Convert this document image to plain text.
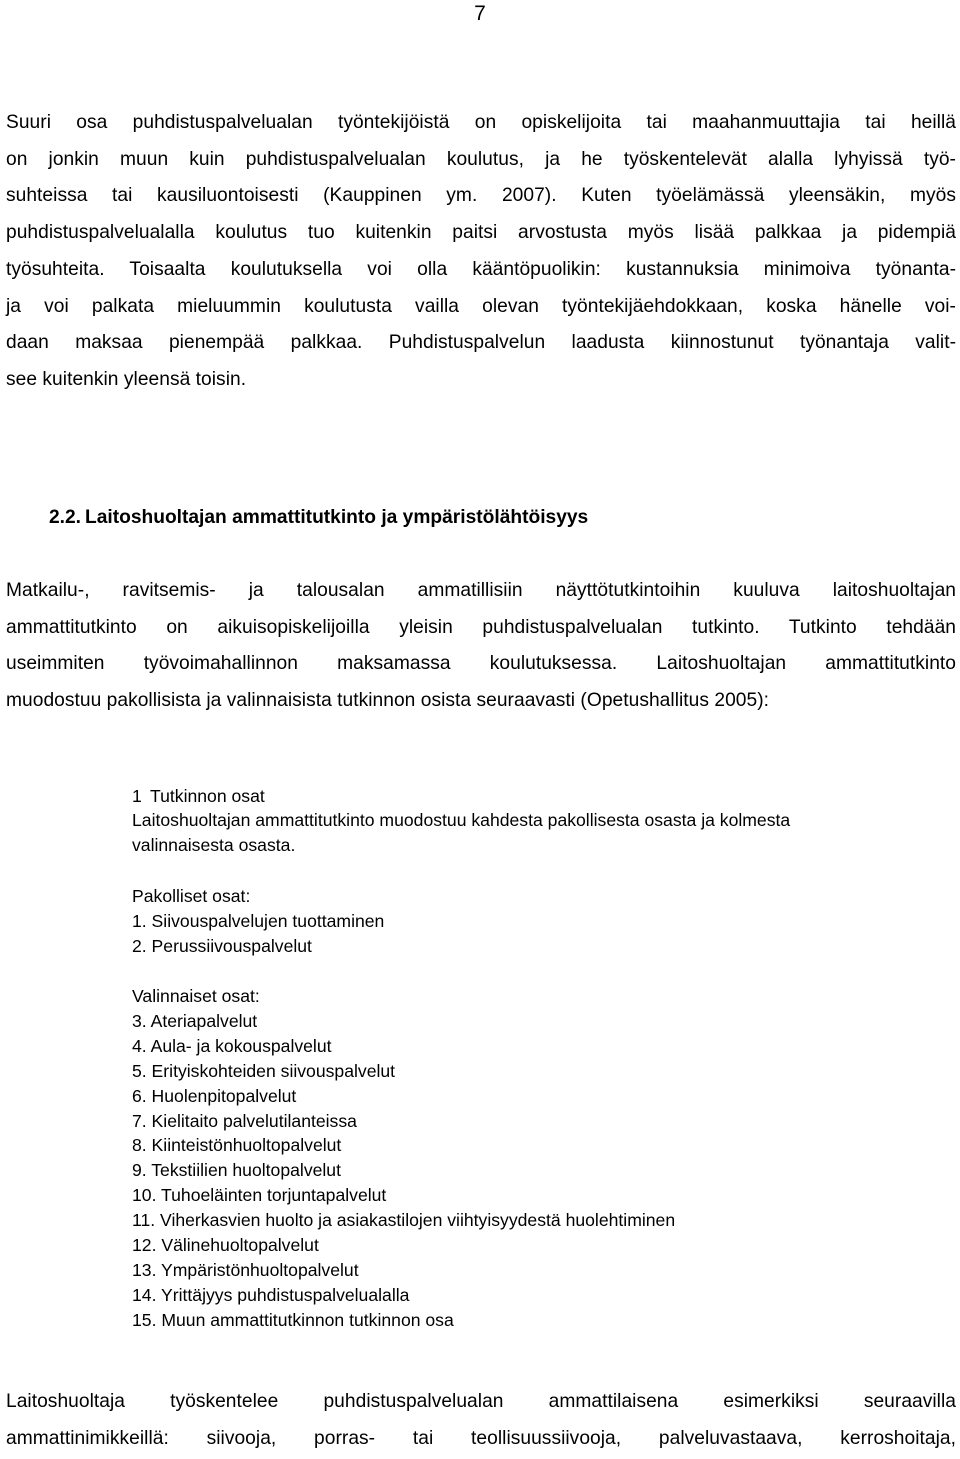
7

Suuri osa puhdistuspalvelualan työntekijöistä on opiskelijoita tai maahanmuuttajia tai heillä
on jonkin muun kuin puhdistuspalvelualan koulutus, ja he työskentelevät alalla lyhyissä työ-
suhteissa tai kausiluontoisesti (Kauppinen ym. 2007). Kuten työelämässä yleensäkin, myös
puhdistuspalvelualalla koulutus tuo kuitenkin paitsi arvostusta myös lisää palkkaa ja pidempiä
työsuhteita. Toisaalta koulutuksella voi olla kääntöpuolikin: kustannuksia minimoiva työnanta-
ja voi palkata mieluummin koulutusta vailla olevan työntekijäehdokkaan, koska hänelle voi-
daan maksaa pienempää palkkaa. Puhdistuspalvelun laadusta kiinnostunut työnantaja valit-
see kuitenkin yleensä toisin.

2.2. Laitoshuoltajan ammattitutkinto ja ympäristölähtöisyys

Matkailu-, ravitsemis- ja talousalan ammatillisiin näyttötutkintoihin kuuluva laitoshuoltajan
ammattitutkinto on aikuisopiskelijoilla yleisin puhdistuspalvelualan tutkinto. Tutkinto tehdään
useimmiten työvoimahallinnon maksamassa koulutuksessa. Laitoshuoltajan ammattitutkinto
muodostuu pakollisista ja valinnaisista tutkinnon osista seuraavasti (Opetushallitus 2005):

1 Tutkinnon osat
Laitoshuoltajan ammattitutkinto muodostuu kahdesta pakollisesta osasta ja kolmesta
valinnaisesta osasta.
Pakolliset osat:
1. Siivouspalvelujen tuottaminen
2. Perussiivouspalvelut
Valinnaiset osat:
3. Ateriapalvelut
4. Aula- ja kokouspalvelut
5. Erityiskohteiden siivouspalvelut
6. Huolenpitopalvelut
7. Kielitaito palvelutilanteissa
8. Kiinteistönhuoltopalvelut
9. Tekstiilien huoltopalvelut
10. Tuhoeläinten torjuntapalvelut
11. Viherkasvien huolto ja asiakastilojen viihtyisyydestä huolehtiminen
12. Välinehuoltopalvelut
13. Ympäristönhuoltopalvelut
14. Yrittäjyys puhdistuspalvelualalla
15. Muun ammattitutkinnon tutkinnon osa

Laitoshuoltaja työskentelee puhdistuspalvelualan ammattilaisena esimerkiksi seuraavilla
ammattinimikkeillä: siivooja, porras- tai teollisuussiivooja, palveluvastaava, kerroshoitaja,
